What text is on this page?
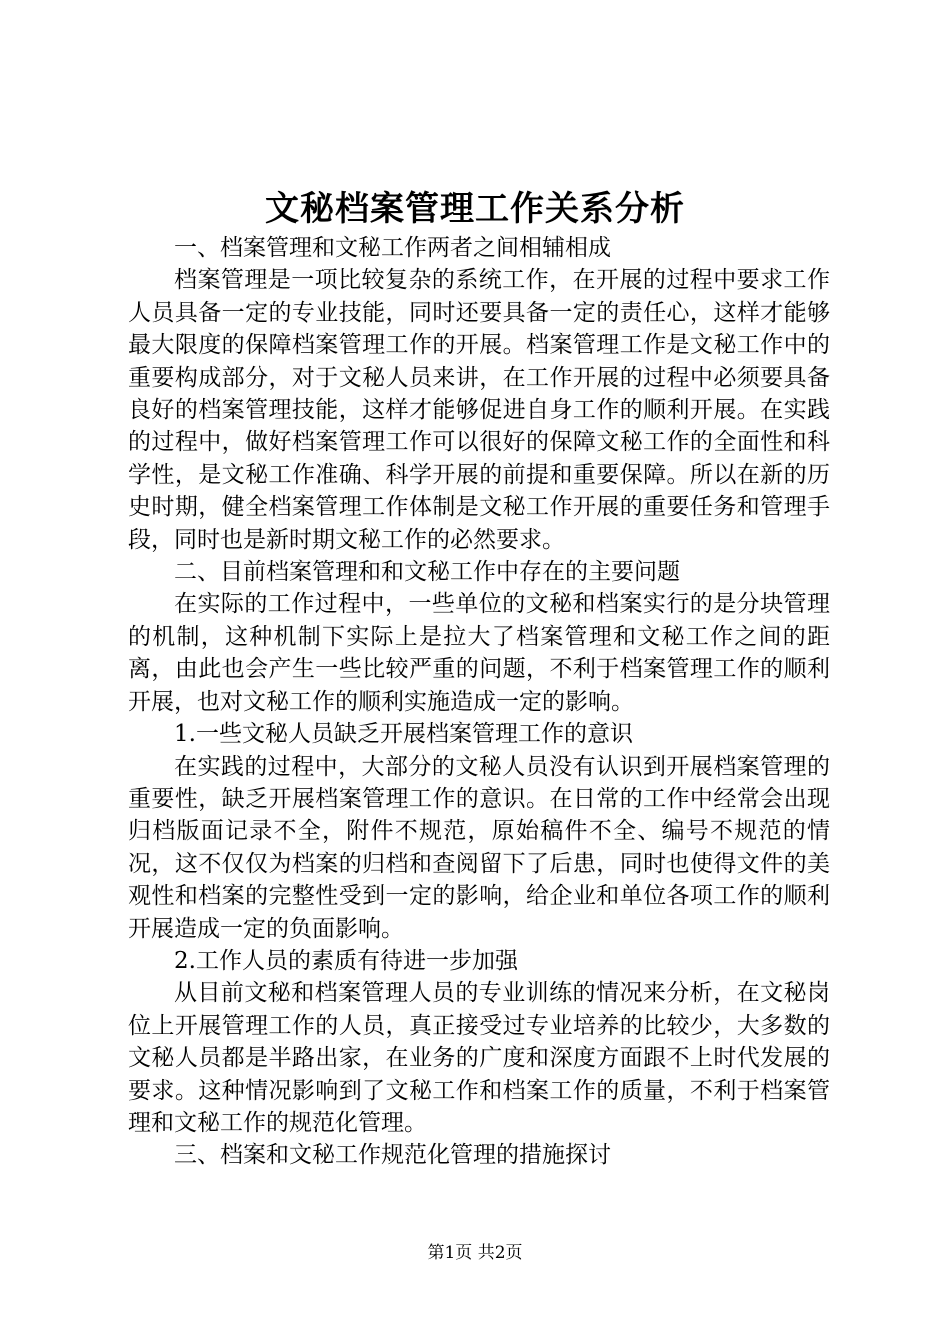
文秘档案管理工作关系分析

一、档案管理和文秘工作两者之间相辅相成

档案管理是一项比较复杂的系统工作，在开展的过程中要求工作人员具备一定的专业技能，同时还要具备一定的责任心，这样才能够最大限度的保障档案管理工作的开展。档案管理工作是文秘工作中的重要构成部分，对于文秘人员来讲，在工作开展的过程中必须要具备良好的档案管理技能，这样才能够促进自身工作的顺利开展。在实践的过程中，做好档案管理工作可以很好的保障文秘工作的全面性和科学性，是文秘工作准确、科学开展的前提和重要保障。所以在新的历史时期，健全档案管理工作体制是文秘工作开展的重要任务和管理手段，同时也是新时期文秘工作的必然要求。

二、目前档案管理和和文秘工作中存在的主要问题

在实际的工作过程中，一些单位的文秘和档案实行的是分块管理的机制，这种机制下实际上是拉大了档案管理和文秘工作之间的距离，由此也会产生一些比较严重的问题，不利于档案管理工作的顺利开展，也对文秘工作的顺利实施造成一定的影响。

1.一些文秘人员缺乏开展档案管理工作的意识

在实践的过程中，大部分的文秘人员没有认识到开展档案管理的重要性，缺乏开展档案管理工作的意识。在日常的工作中经常会出现归档版面记录不全，附件不规范，原始稿件不全、编号不规范的情况，这不仅仅为档案的归档和查阅留下了后患，同时也使得文件的美观性和档案的完整性受到一定的影响，给企业和单位各项工作的顺利开展造成一定的负面影响。

2.工作人员的素质有待进一步加强

从目前文秘和档案管理人员的专业训练的情况来分析，在文秘岗位上开展管理工作的人员，真正接受过专业培养的比较少，大多数的文秘人员都是半路出家，在业务的广度和深度方面跟不上时代发展的要求。这种情况影响到了文秘工作和档案工作的质量，不利于档案管理和文秘工作的规范化管理。

三、档案和文秘工作规范化管理的措施探讨

第1页 共2页
